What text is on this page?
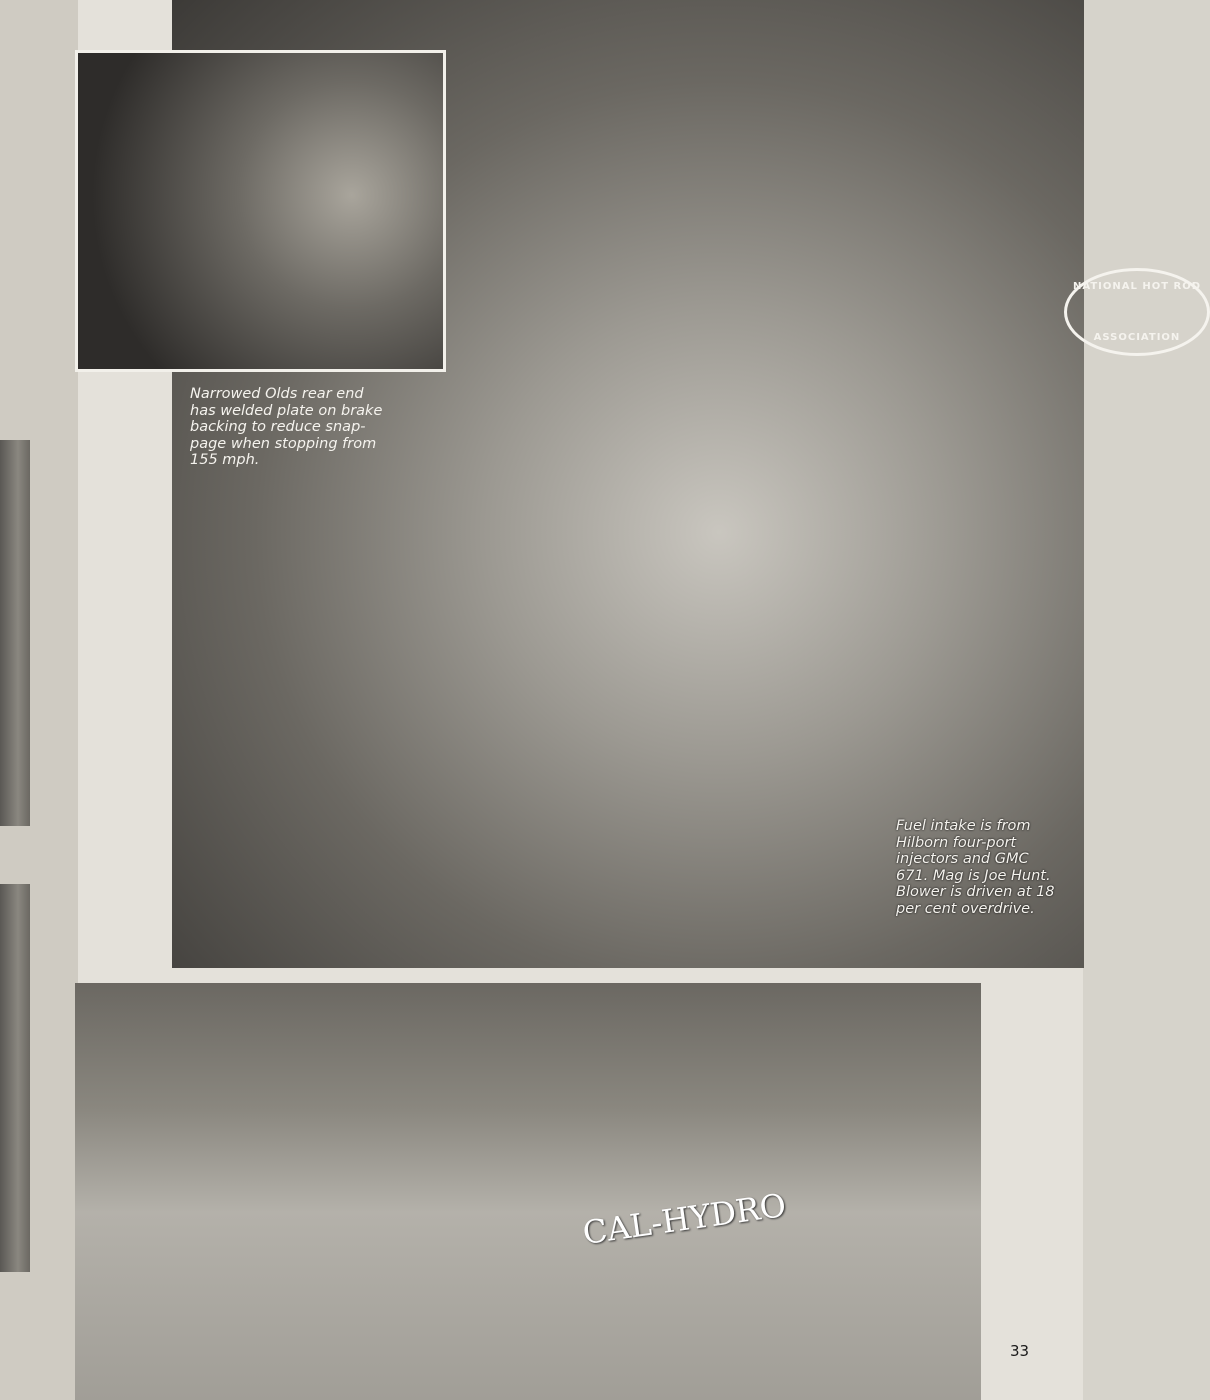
NATIONAL HOT ROD
ASSOCIATION
CAL-HYDRO

Narrowed Olds rear end has welded plate on brake backing to reduce snap-page when stopping from 155 mph.

Fuel intake is from Hilborn four-port injectors and GMC 671. Mag is Joe Hunt. Blower is driven at 18 per cent overdrive.

33
